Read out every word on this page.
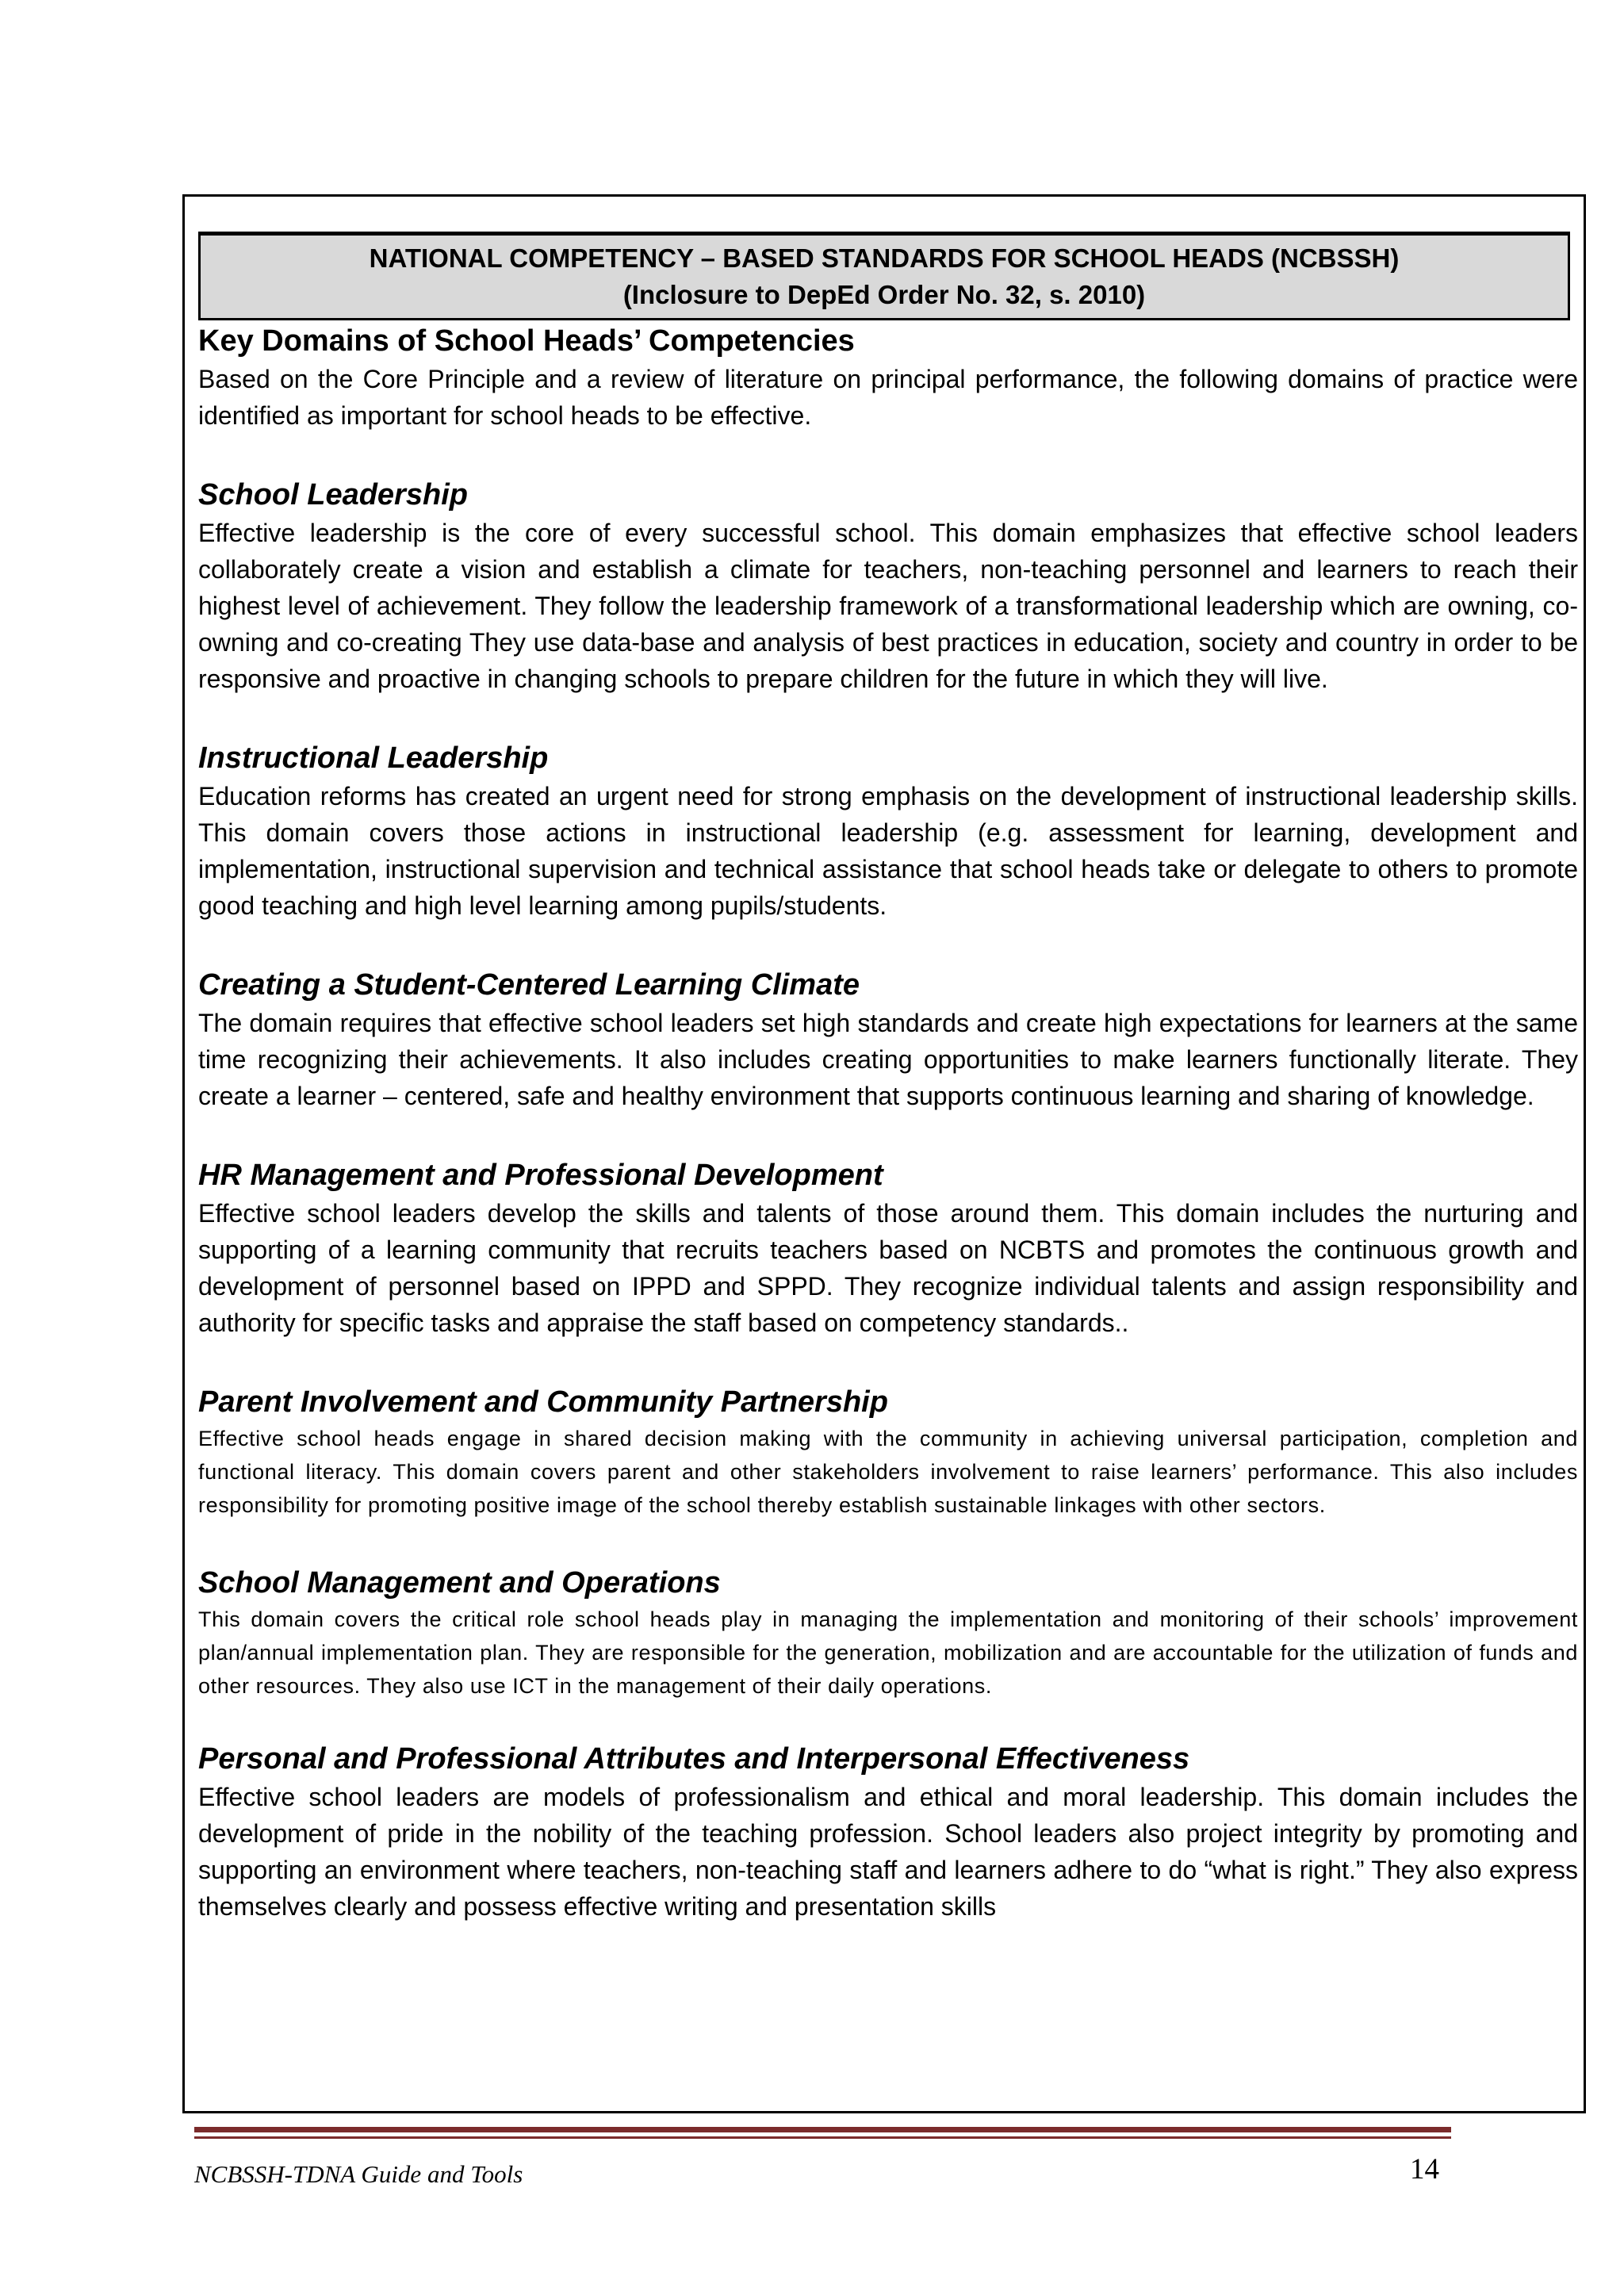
NATIONAL COMPETENCY – BASED STANDARDS FOR SCHOOL HEADS (NCBSSH)
(Inclosure to DepEd Order No. 32, s. 2010)
Key Domains of School Heads’ Competencies

Based on the Core Principle and a review of literature on principal performance, the following domains of practice were identified as important for school heads to be effective.

School Leadership

Effective leadership is the core of every successful school. This domain emphasizes that effective school leaders collaborately create a vision and establish a climate for teachers, non-teaching personnel and learners to reach their highest level of achievement. They follow the leadership framework of a transformational leadership which are owning, co-owning and co-creating They use data-base and analysis of best practices in education, society and country in order to be responsive and proactive in changing schools to prepare children for the future in which they will live.

Instructional Leadership

Education reforms has created an urgent need for strong emphasis on the development of instructional leadership skills. This domain covers those actions in instructional leadership (e.g. assessment for learning, development and implementation, instructional supervision and technical assistance that school heads take or delegate to others to promote good teaching and high level learning among pupils/students.

Creating a Student-Centered Learning Climate

The domain requires that effective school leaders set high standards and create high expectations for learners at the same time recognizing their achievements. It also includes creating opportunities to make learners functionally literate. They create a learner – centered, safe and healthy environment that supports continuous learning and sharing of knowledge.

HR Management and Professional Development

Effective school leaders develop the skills and talents of those around them. This domain includes the nurturing and supporting of a learning community that recruits teachers based on NCBTS and promotes the continuous growth and development of personnel based on IPPD and SPPD. They recognize individual talents and assign responsibility and authority for specific tasks and appraise the staff based on competency standards..

Parent Involvement and Community Partnership

Effective school heads engage in shared decision making with the community in achieving universal participation, completion and functional literacy. This domain covers parent and other stakeholders involvement to raise learners’ performance. This also includes responsibility for promoting positive image of the school thereby establish sustainable linkages with other sectors.

School Management and Operations

This domain covers the critical role school heads play in managing the implementation and monitoring of their schools’ improvement plan/annual implementation plan. They are responsible for the generation, mobilization and are accountable for the utilization of funds and other resources. They also use ICT in the management of their daily operations.

Personal and Professional Attributes and Interpersonal Effectiveness

Effective school leaders are models of professionalism and ethical and moral leadership. This domain includes the development of pride in the nobility of the teaching profession. School leaders also project integrity by promoting and supporting an environment where teachers, non-teaching staff and learners adhere to do “what is right.” They also express themselves clearly and possess effective writing and presentation skills

NCBSSH-TDNA Guide and Tools	14
